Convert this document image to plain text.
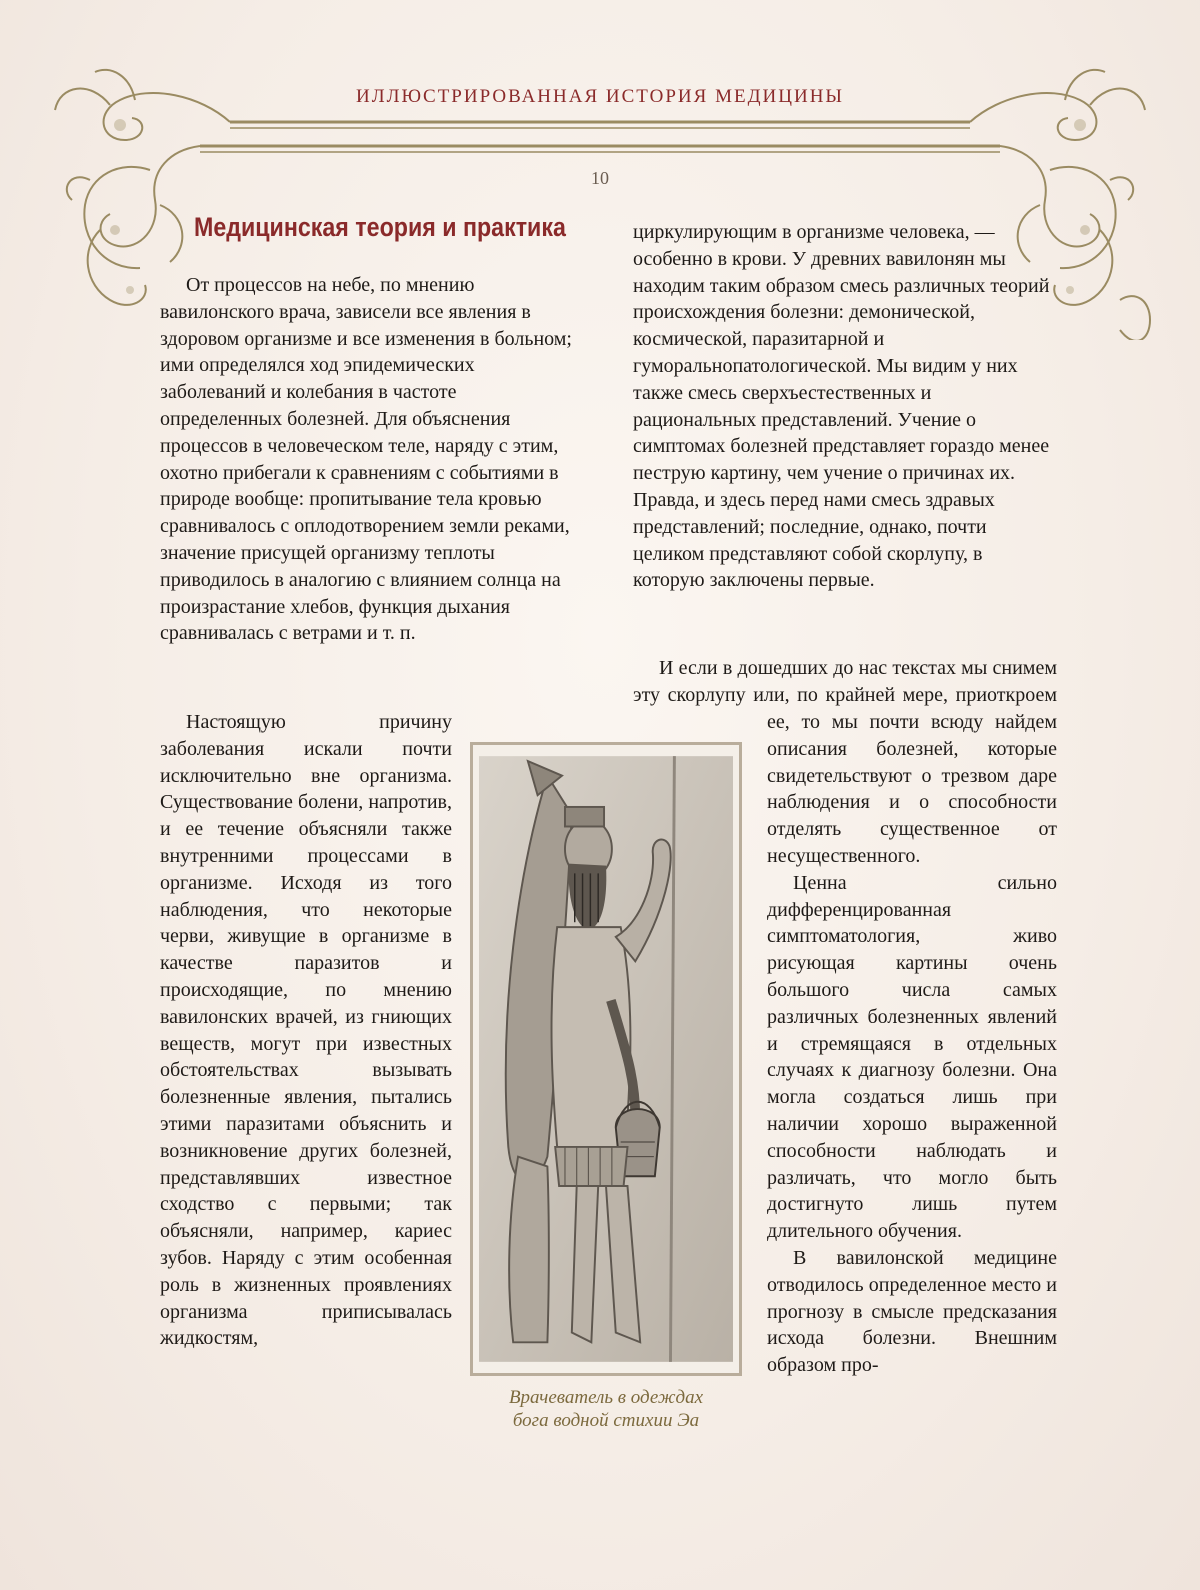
ИЛЛЮСТРИРОВАННАЯ ИСТОРИЯ МЕДИЦИНЫ
10
Медицинская теория и практика

От процессов на небе, по мнению вавилонского врача, зависели все явления в здоровом организме и все изменения в больном; ими определялся ход эпидемических заболеваний и колебания в частоте определенных болезней. Для объяснения процессов в человеческом теле, наряду с этим, охотно прибегали к сравнениям с событиями в природе вообще: пропитывание тела кровью сравнивалось с оплодотворением земли реками, значение присущей организму теплоты приводилось в аналогию с влиянием солнца на произрастание хлебов, функция дыхания сравнивалась с ветрами и т. п.

Настоящую причину заболевания искали почти исключительно вне организма. Существование болени, напротив, и ее течение объясняли также внутренними процессами в организме. Исходя из того наблюдения, что некоторые черви, живущие в организме в качестве паразитов и происходящие, по мнению вавилонских врачей, из гниющих веществ, могут при известных обстоятельствах вызывать болезненные явления, пытались этими паразитами объяснить и возникновение других болезней, представлявших известное сходство с первыми; так объясняли, например, кариес зубов. Наряду с этим особенная роль в жизненных проявлениях организма приписывалась жидкостям,

циркулирующим в организме человека, — особенно в крови. У древних вавилонян мы находим таким образом смесь различных теорий происхождения болезни: демонической, космической, паразитарной и гуморальнопатологической. Мы видим у них также смесь сверхъестественных и рациональных представлений. Учение о симптомах болезней представляет гораздо менее пеструю картину, чем учение о причинах их. Правда, и здесь перед нами смесь здравых представлений; последние, однако, почти целиком представляют собой скорлупу, в которую заключены первые.

И если в дошедших до нас текстах мы снимем эту скорлупу или, по крайней мере, приоткроем

ее, то мы почти всюду найдем описания болезней, которые свидетельствуют о трезвом даре наблюдения и о способности отделять существенное от несущественного.

Ценна сильно дифференцированная симптоматология, живо рисующая картины очень большого числа самых различных болезненных явлений и стремящаяся в отдельных случаях к диагнозу болезни. Она могла создаться лишь при наличии хорошо выраженной способности наблюдать и различать, что могло быть достигнуто лишь путем длительного обучения.

В вавилонской медицине отводилось определенное место и прогнозу в смысле предсказания исхода болезни. Внешним образом про-

Врачеватель в одеждах
бога водной стихии Эа
